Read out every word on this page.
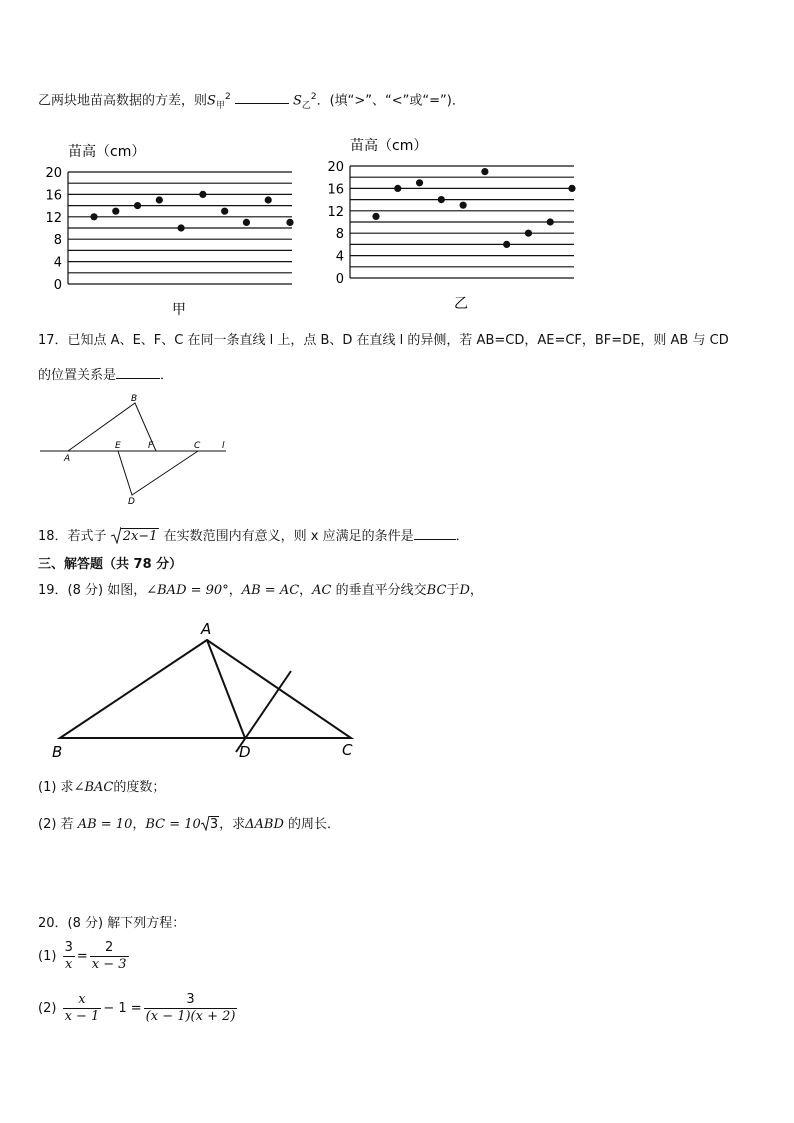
乙两块地苗高数据的方差，则$S_甲^2$	$S_乙^2$．(填“>”、“<”或“=”)．
苗高（cm）
0
4
8
12
16
20
甲
苗高（cm）
0
4
8
12
16
20
乙
17．已知点 A、E、F、C 在同一条直线 l 上，点 B、D 在直线 l 的异侧，若 AB=CD，AE=CF，BF=DE，则 AB 与 CD
的位置关系是	．
A
B
E	F	C
D
l
18．若式子 2x−1 在实数范围内有意义，则 x 应满足的条件是	．
三、解答题（共 78 分）
19．(8 分) 如图，∠BAD = 90°，AB = AC，AC 的垂直平分线交BC于D，
A
B	D	C
(1) 求∠BAC的度数；
(2) 若 AB = 10，BC = 10 3，求ΔABD 的周长．
20．(8 分) 解下列方程：
$(1) \frac{3}{x} = \frac{2}{x - 3}$
$(2) \frac{x}{x - 1} - 1 = \frac{3}{(x - 1)(x + 2)}$
